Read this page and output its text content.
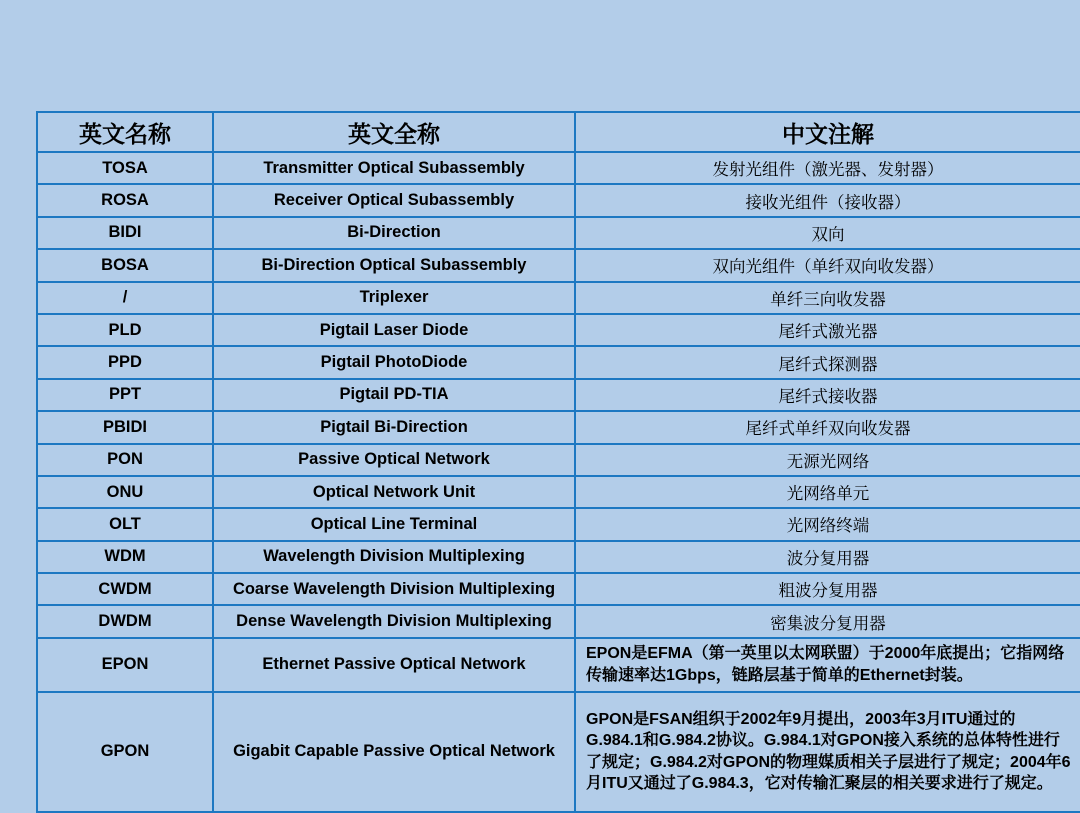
英文名称	英文全称	中文注解
TOSA	Transmitter Optical Subassembly	发射光组件（激光器、发射器）
ROSA	Receiver Optical Subassembly	接收光组件（接收器）
BIDI	Bi-Direction	双向
BOSA	Bi-Direction Optical Subassembly	双向光组件（单纤双向收发器）
/	Triplexer	单纤三向收发器
PLD	Pigtail Laser Diode	尾纤式激光器
PPD	Pigtail PhotoDiode	尾纤式探测器
PPT	Pigtail PD-TIA	尾纤式接收器
PBIDI	Pigtail Bi-Direction	尾纤式单纤双向收发器
PON	Passive Optical Network	无源光网络
ONU	Optical Network Unit	光网络单元
OLT	Optical Line Terminal	光网络终端
WDM	Wavelength Division Multiplexing	波分复用器
CWDM	Coarse Wavelength Division Multiplexing	粗波分复用器
DWDM	Dense Wavelength Division Multiplexing	密集波分复用器
EPON	Ethernet Passive Optical Network	EPON是EFMA（第一英里以太网联盟）于2000年底提出；它指网络传输速率达1Gbps，链路层基于简单的Ethernet封装。
GPON	Gigabit Capable Passive Optical Network	GPON是FSAN组织于2002年9月提出，2003年3月ITU通过的G.984.1和G.984.2协议。G.984.1对GPON接入系统的总体特性进行了规定；G.984.2对GPON的物理媒质相关子层进行了规定；2004年6月ITU又通过了G.984.3，它对传输汇聚层的相关要求进行了规定。
